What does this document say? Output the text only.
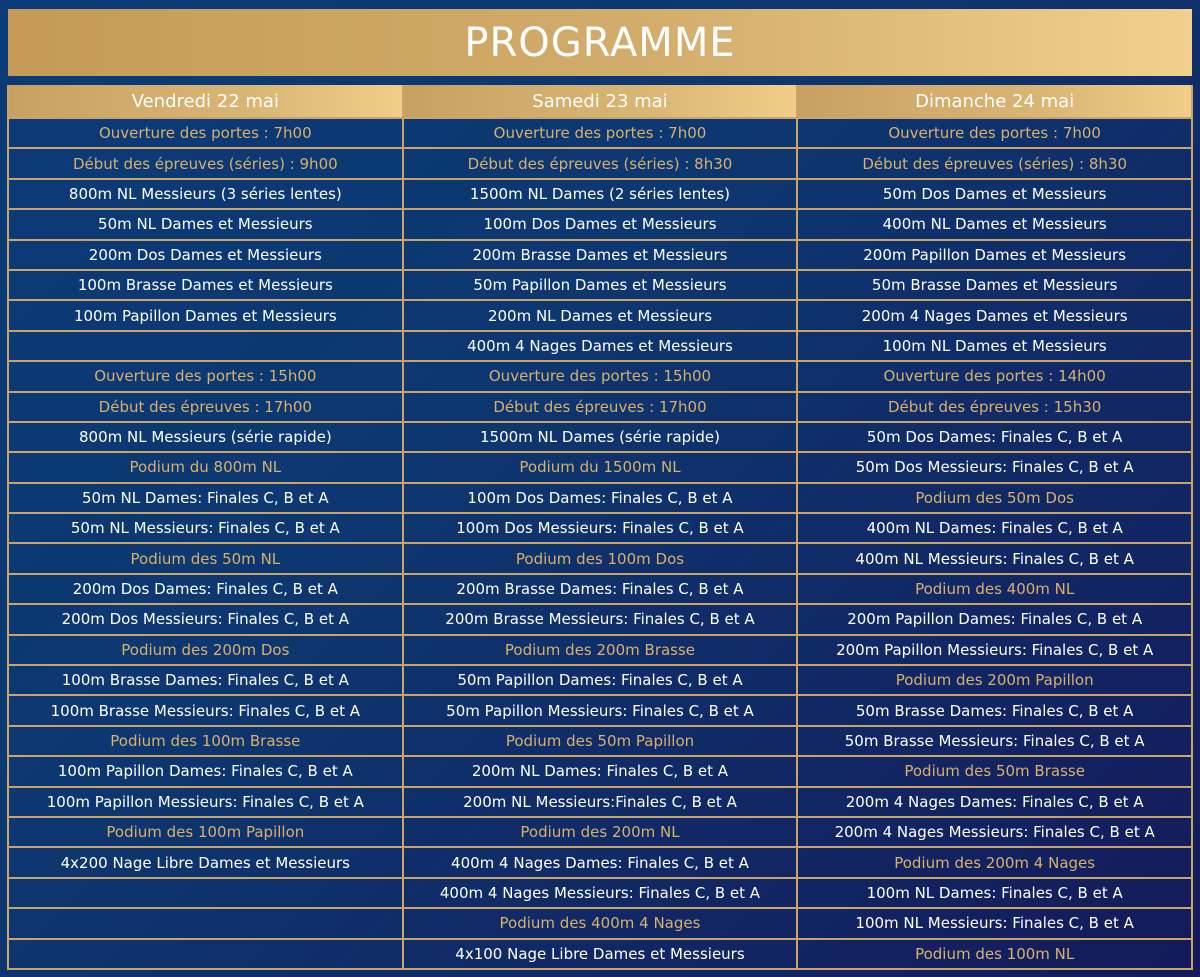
PROGRAMME
Vendredi 22 mai	Samedi 23 mai	Dimanche 24 mai
Ouverture des portes : 7h00	Ouverture des portes : 7h00	Ouverture des portes : 7h00
Début des épreuves (séries) : 9h00	Début des épreuves (séries) : 8h30	Début des épreuves (séries) : 8h30
800m NL Messieurs (3 séries lentes)	1500m NL Dames (2 séries lentes)	50m Dos Dames et Messieurs
50m NL Dames et Messieurs	100m Dos Dames et Messieurs	400m NL Dames et Messieurs
200m Dos Dames et Messieurs	200m Brasse Dames et Messieurs	200m Papillon Dames et Messieurs
100m Brasse Dames et Messieurs	50m Papillon Dames et Messieurs	50m Brasse Dames et Messieurs
100m Papillon Dames et Messieurs	200m NL Dames et Messieurs	200m 4 Nages Dames et Messieurs
	400m 4 Nages Dames et Messieurs	100m NL Dames et Messieurs
Ouverture des portes : 15h00	Ouverture des portes : 15h00	Ouverture des portes : 14h00
Début des épreuves : 17h00	Début des épreuves : 17h00	Début des épreuves : 15h30
800m NL Messieurs (série rapide)	1500m NL Dames (série rapide)	50m Dos Dames: Finales C, B et A
Podium du 800m NL	Podium du 1500m NL	50m Dos Messieurs: Finales C, B et A
50m NL Dames: Finales C, B et A	100m Dos Dames: Finales C, B et A	Podium des 50m Dos
50m NL Messieurs: Finales C, B et A	100m Dos Messieurs: Finales C, B et A	400m NL Dames: Finales C, B et A
Podium des 50m NL	Podium des 100m Dos	400m NL Messieurs: Finales C, B et A
200m Dos Dames: Finales C, B et A	200m Brasse Dames: Finales C, B et A	Podium des 400m NL
200m Dos Messieurs: Finales C, B et A	200m Brasse Messieurs: Finales C, B et A	200m Papillon Dames: Finales C, B et A
Podium des 200m Dos	Podium des 200m Brasse	200m Papillon Messieurs: Finales C, B et A
100m Brasse Dames: Finales C, B et A	50m Papillon Dames: Finales C, B et A	Podium des 200m Papillon
100m Brasse Messieurs: Finales C, B et A	50m Papillon Messieurs: Finales C, B et A	50m Brasse Dames: Finales C, B et A
Podium des 100m Brasse	Podium des 50m Papillon	50m Brasse Messieurs: Finales C, B et A
100m Papillon Dames: Finales C, B et A	200m NL Dames: Finales C, B et A	Podium des 50m Brasse
100m Papillon Messieurs: Finales C, B et A	200m NL Messieurs:Finales C, B et A	200m 4 Nages Dames: Finales C, B et A
Podium des 100m Papillon	Podium des 200m NL	200m 4 Nages Messieurs: Finales C, B et A
4x200 Nage Libre Dames et Messieurs	400m 4 Nages Dames: Finales C, B et A	Podium des 200m 4 Nages
	400m 4 Nages Messieurs: Finales C, B et A	100m NL Dames: Finales C, B et A
	Podium des 400m 4 Nages	100m NL Messieurs: Finales C, B et A
	4x100 Nage Libre Dames et Messieurs	Podium des 100m NL
